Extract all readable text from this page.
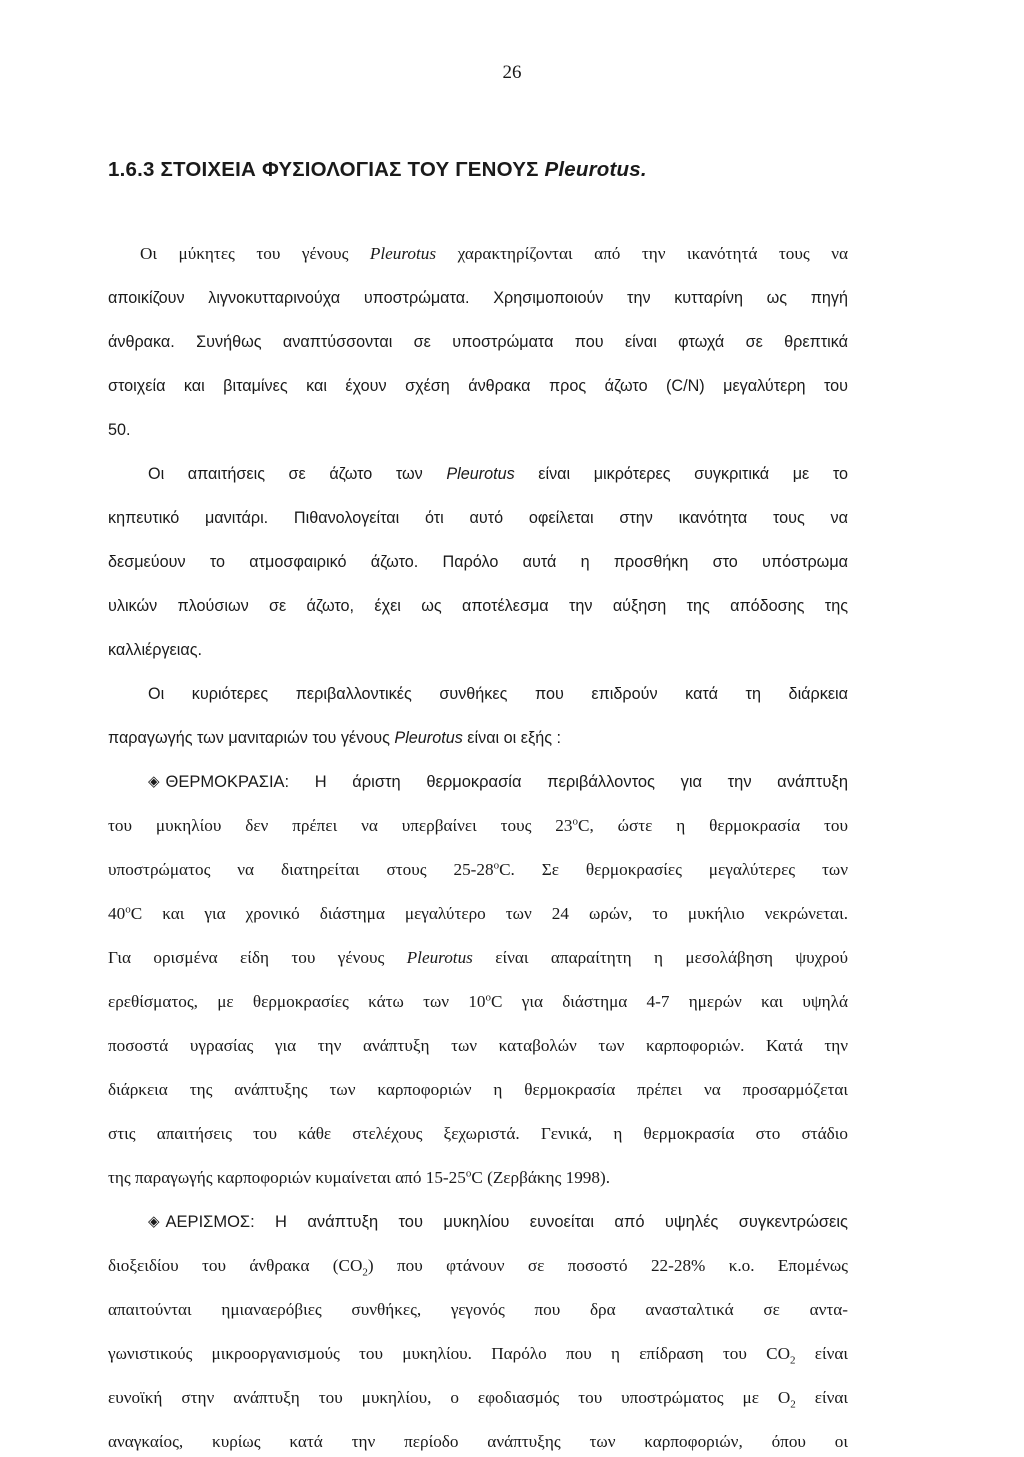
26
1.6.3 ΣΤΟΙΧΕΙΑ ΦΥΣΙΟΛΟΓΙΑΣ ΤΟΥ ΓΕΝΟΥΣ Pleurotus.
Οι μύκητες του γένους Pleurotus χαρακτηρίζονται από την ικανότητά τους να
αποικίζουν λιγνοκυτταρινούχα υποστρώματα. Χρησιμοποιούν την κυτταρίνη ως πηγή
άνθρακα. Συνήθως αναπτύσσονται σε υποστρώματα που είναι φτωχά σε θρεπτικά
στοιχεία και βιταμίνες και έχουν σχέση άνθρακα προς άζωτο (C/N) μεγαλύτερη του
50.
Οι απαιτήσεις σε άζωτο των Pleurotus είναι μικρότερες συγκριτικά με το
κηπευτικό μανιτάρι. Πιθανολογείται ότι αυτό οφείλεται στην ικανότητα τους να
δεσμεύουν το ατμοσφαιρικό άζωτο. Παρόλο αυτά η προσθήκη στο υπόστρωμα
υλικών πλούσιων σε άζωτο, έχει ως αποτέλεσμα την αύξηση της απόδοσης της
καλλιέργειας.
Οι κυριότερες περιβαλλοντικές συνθήκες που επιδρούν κατά τη διάρκεια
παραγωγής των μανιταριών του γένους Pleurotus είναι οι εξής :
◈ ΘΕΡΜΟΚΡΑΣΙΑ: Η άριστη θερμοκρασία περιβάλλοντος για την ανάπτυξη
του μυκηλίου δεν πρέπει να υπερβαίνει τους 23$^o$C, ώστε η θερμοκρασία του
υποστρώματος να διατηρείται στους 25-28$^o$C. Σε θερμοκρασίες μεγαλύτερες των
40$^o$C και για χρονικό διάστημα μεγαλύτερο των 24 ωρών, το μυκήλιο νεκρώνεται.
Για ορισμένα είδη του γένους Pleurotus είναι απαραίτητη η μεσολάβηση ψυχρού
ερεθίσματος, με θερμοκρασίες κάτω των 10$^o$C για διάστημα 4-7 ημερών και υψηλά
ποσοστά υγρασίας για την ανάπτυξη των καταβολών των καρποφοριών. Κατά την
διάρκεια της ανάπτυξης των καρποφοριών η θερμοκρασία πρέπει να προσαρμόζεται
στις απαιτήσεις του κάθε στελέχους ξεχωριστά. Γενικά, η θερμοκρασία στο στάδιο
της παραγωγής καρποφοριών κυμαίνεται από 15-25$^o$C (Ζερβάκης 1998).
◈ ΑΕΡΙΣΜΟΣ: Η ανάπτυξη του μυκηλίου ευνοείται από υψηλές συγκεντρώσεις
διοξειδίου του άνθρακα $(CO_2)$ που φτάνουν σε ποσοστό 22-28% κ.ο. Επομένως
απαιτούνται ημιαναερόβιες συνθήκες, γεγονός που δρα ανασταλτικά σε αντα-
γωνιστικούς μικροοργανισμούς του μυκηλίου. Παρόλο που η επίδραση του $CO_2$ είναι
ευνοϊκή στην ανάπτυξη του μυκηλίου, ο εφοδιασμός του υποστρώματος με $O_2$ είναι
αναγκαίος, κυρίως κατά την περίοδο ανάπτυξης των καρποφοριών, όπου οι
